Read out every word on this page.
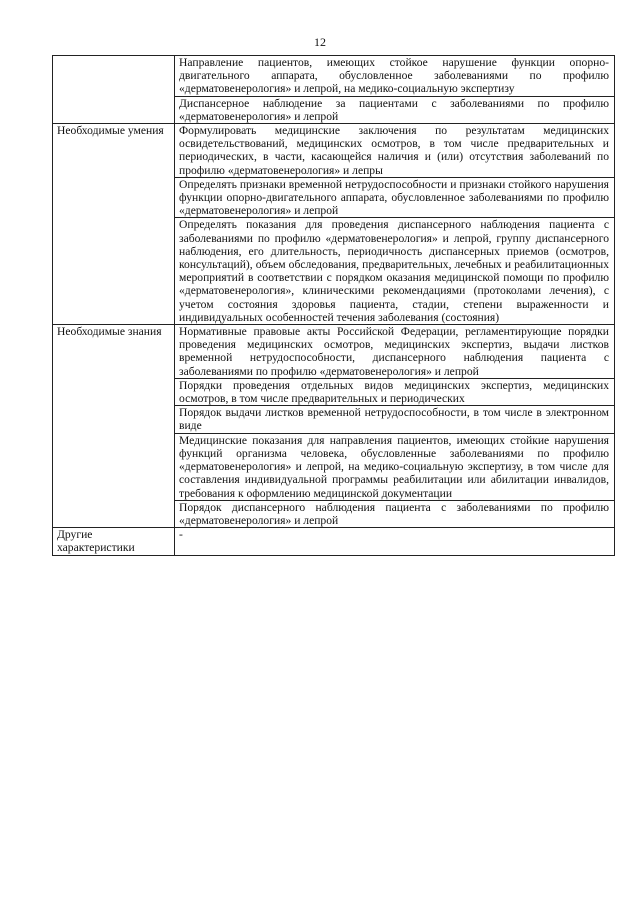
12
	Направление пациентов, имеющих стойкое нарушение функции опорно-двигательного аппарата, обусловленное заболеваниями по профилю «дерматовенерология» и лепрой, на медико-социальную экспертизу
	Диспансерное наблюдение за пациентами с заболеваниями по профилю «дерматовенерология» и лепрой

Необходимые умения	Формулировать медицинские заключения по результатам медицинских освидетельствований, медицинских осмотров, в том числе предварительных и периодических, в части, касающейся наличия и (или) отсутствия заболеваний по профилю «дерматовенерология» и лепры
	Определять признаки временной нетрудоспособности и признаки стойкого нарушения функции опорно-двигательного аппарата, обусловленное заболеваниями по профилю «дерматовенерология» и лепрой
	Определять показания для проведения диспансерного наблюдения пациента с заболеваниями по профилю «дерматовенерология» и лепрой, группу диспансерного наблюдения, его длительность, периодичность диспансерных приемов (осмотров, консультаций), объем обследования, предварительных, лечебных и реабилитационных мероприятий в соответствии с порядком оказания медицинской помощи по профилю «дерматовенерология», клиническими рекомендациями (протоколами лечения), с учетом состояния здоровья пациента, стадии, степени выраженности и индивидуальных особенностей течения заболевания (состояния)

Необходимые знания	Нормативные правовые акты Российской Федерации, регламентирующие порядки проведения медицинских осмотров, медицинских экспертиз, выдачи листков временной нетрудоспособности, диспансерного наблюдения пациента с заболеваниями по профилю «дерматовенерология» и лепрой
	Порядки проведения отдельных видов медицинских экспертиз, медицинских осмотров, в том числе предварительных и периодических
	Порядок выдачи листков временной нетрудоспособности, в том числе в электронном виде
	Медицинские показания для направления пациентов, имеющих стойкие нарушения функций организма человека, обусловленные заболеваниями по профилю «дерматовенерология» и лепрой, на медико-социальную экспертизу, в том числе для составления индивидуальной программы реабилитации или абилитации инвалидов, требования к оформлению медицинской документации
	Порядок диспансерного наблюдения пациента с заболеваниями по профилю «дерматовенерология» и лепрой

Другие характеристики	-
